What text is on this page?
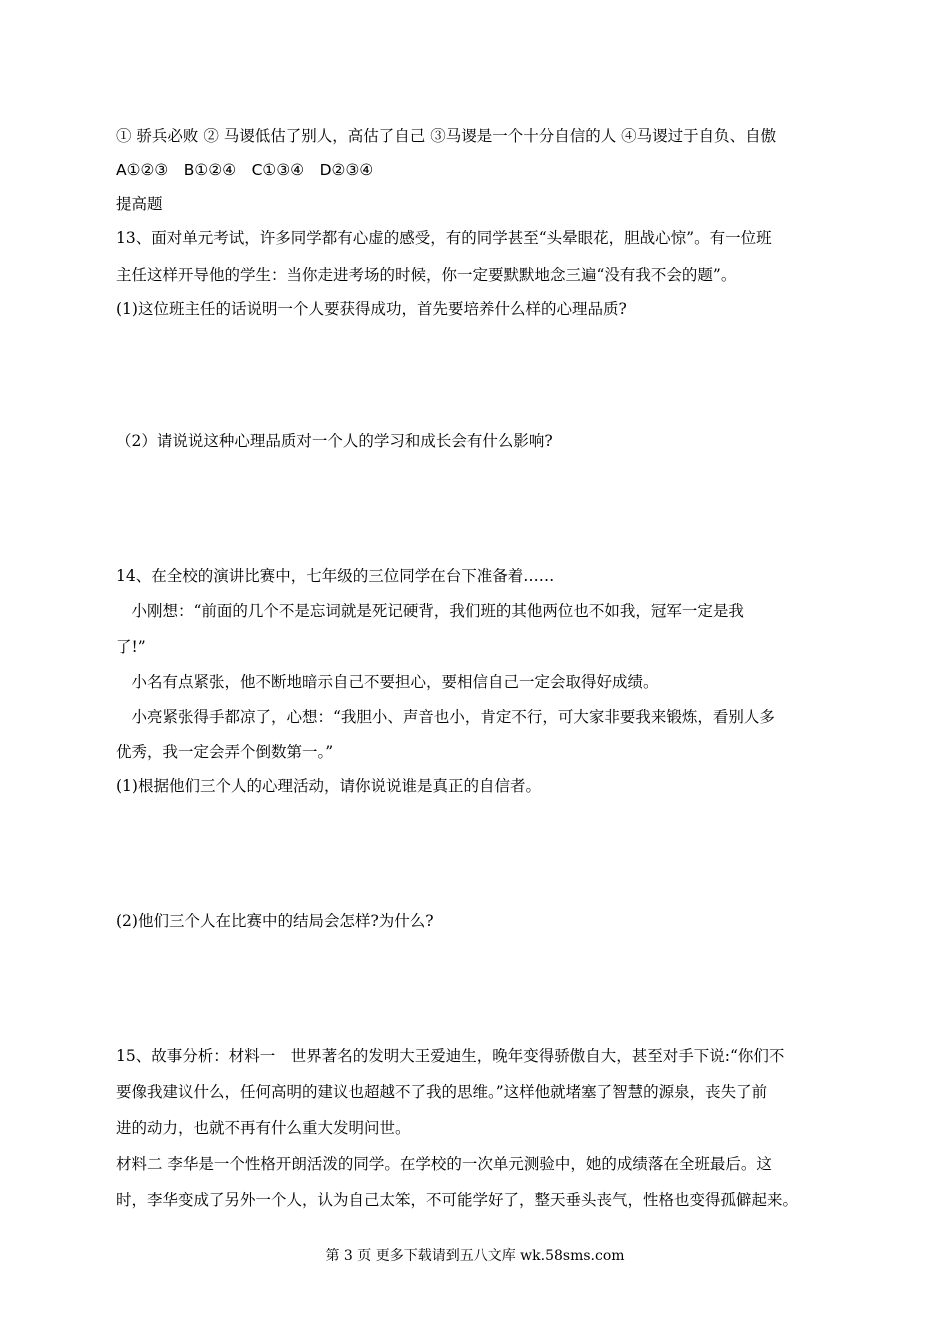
① 骄兵必败 ② 马谡低估了别人，高估了自己 ③马谡是一个十分自信的人 ④马谡过于自负、自傲

A①②③　B①②④　C①③④　D②③④

提高题

13、面对单元考试，许多同学都有心虚的感受，有的同学甚至“头晕眼花，胆战心惊”。有一位班

主任这样开导他的学生：当你走进考场的时候，你一定要默默地念三遍“没有我不会的题”。

(1)这位班主任的话说明一个人要获得成功，首先要培养什么样的心理品质?

（2）请说说这种心理品质对一个人的学习和成长会有什么影响?

14、在全校的演讲比赛中，七年级的三位同学在台下准备着……

　小刚想：“前面的几个不是忘词就是死记硬背，我们班的其他两位也不如我，冠军一定是我

了!”

　小名有点紧张，他不断地暗示自己不要担心，要相信自己一定会取得好成绩。

　小亮紧张得手都凉了，心想：“我胆小、声音也小，肯定不行，可大家非要我来锻炼，看别人多

优秀，我一定会弄个倒数第一。”

(1)根据他们三个人的心理活动，请你说说谁是真正的自信者。

(2)他们三个人在比赛中的结局会怎样?为什么?

15、故事分析：材料一　世界著名的发明大王爱迪生，晚年变得骄傲自大，甚至对手下说:“你们不

要像我建议什么，任何高明的建议也超越不了我的思维。”这样他就堵塞了智慧的源泉，丧失了前

进的动力，也就不再有什么重大发明问世。

材料二 李华是一个性格开朗活泼的同学。在学校的一次单元测验中，她的成绩落在全班最后。这

时，李华变成了另外一个人，认为自己太笨，不可能学好了，整天垂头丧气，性格也变得孤僻起来。

第 3 页 更多下载请到五八文库 wk.58sms.com
